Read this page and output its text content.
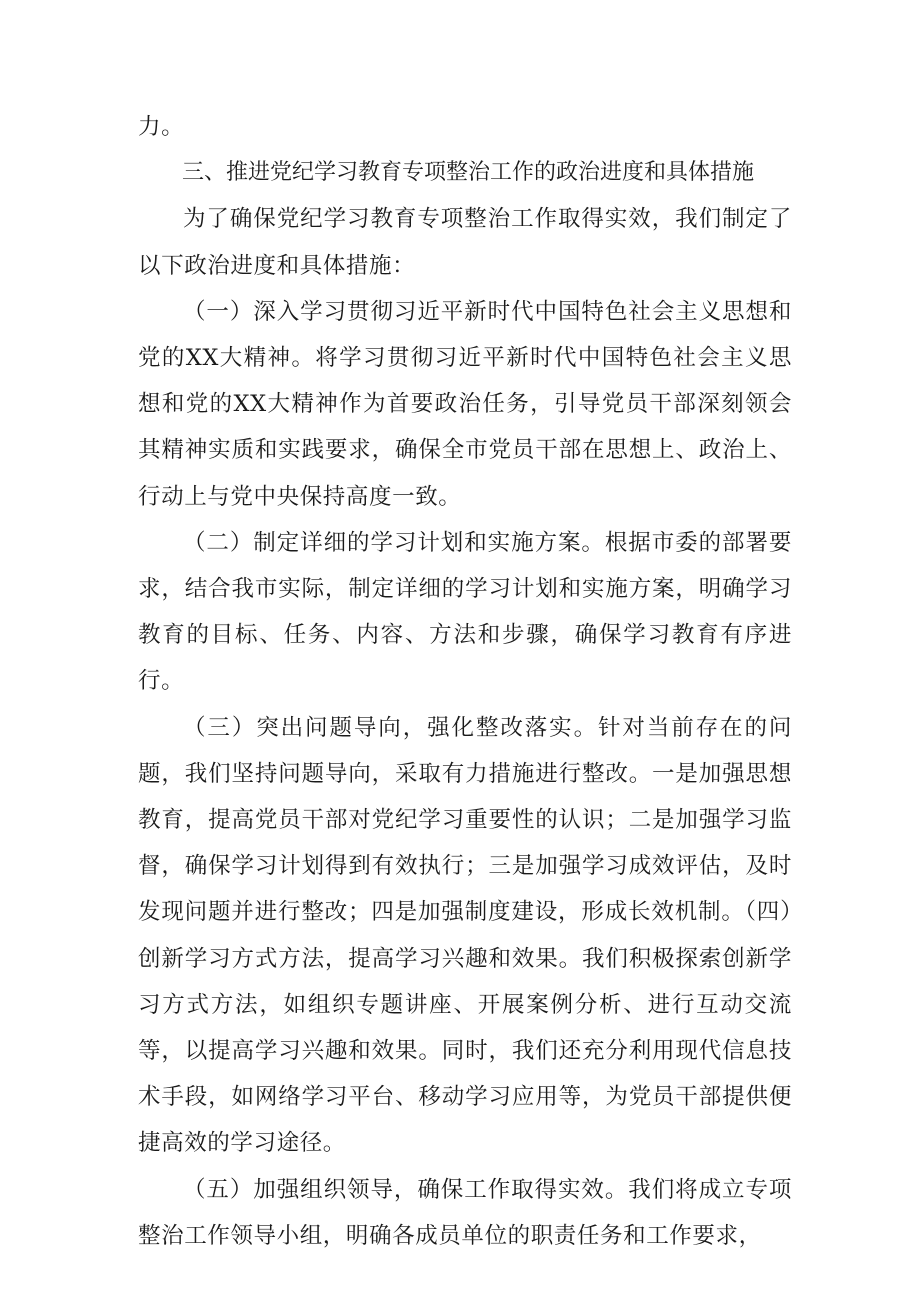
力。

三、推进党纪学习教育专项整治工作的政治进度和具体措施

为了确保党纪学习教育专项整治工作取得实效，我们制定了以下政治进度和具体措施：

（一）深入学习贯彻习近平新时代中国特色社会主义思想和党的XX大精神。将学习贯彻习近平新时代中国特色社会主义思想和党的XX大精神作为首要政治任务，引导党员干部深刻领会其精神实质和实践要求，确保全市党员干部在思想上、政治上、行动上与党中央保持高度一致。

（二）制定详细的学习计划和实施方案。根据市委的部署要求，结合我市实际，制定详细的学习计划和实施方案，明确学习教育的目标、任务、内容、方法和步骤，确保学习教育有序进行。

（三）突出问题导向，强化整改落实。针对当前存在的问题，我们坚持问题导向，采取有力措施进行整改。一是加强思想教育，提高党员干部对党纪学习重要性的认识；二是加强学习监督，确保学习计划得到有效执行；三是加强学习成效评估，及时发现问题并进行整改；四是加强制度建设，形成长效机制。（四）创新学习方式方法，提高学习兴趣和效果。我们积极探索创新学习方式方法，如组织专题讲座、开展案例分析、进行互动交流等，以提高学习兴趣和效果。同时，我们还充分利用现代信息技术手段，如网络学习平台、移动学习应用等，为党员干部提供便捷高效的学习途径。

（五）加强组织领导，确保工作取得实效。我们将成立专项整治工作领导小组，明确各成员单位的职责任务和工作要求，
